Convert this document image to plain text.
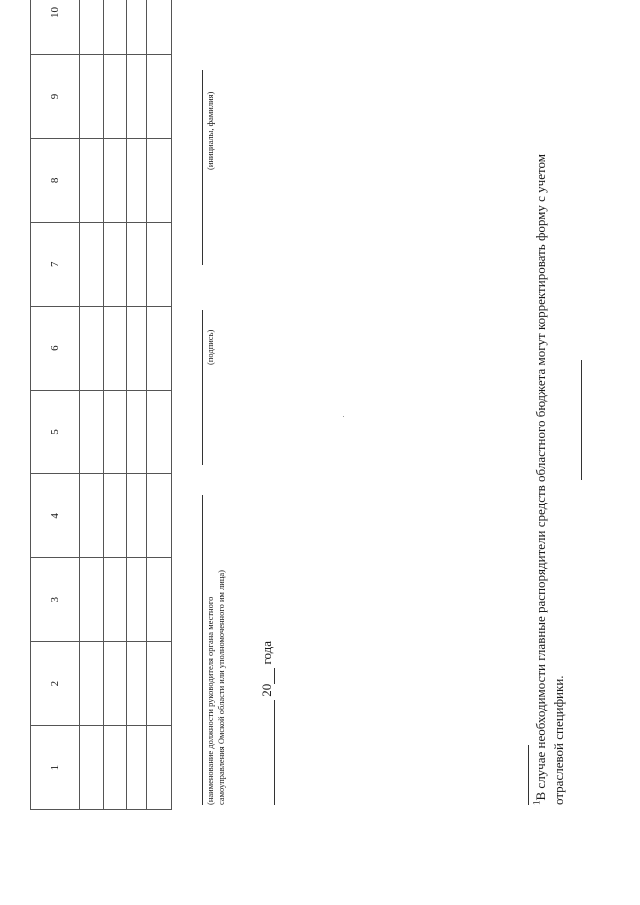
1	2	3	4	5	6	7	8	9	10

(наименование должности руководителя органа местного самоуправления Омской области или уполномоченного им лица)
(подпись)
(инициалы, фамилия)
20 года
$^1$В случае необходимости главные распорядители средств областного бюджета могут корректировать форму с учетом отраслевой специфики.
